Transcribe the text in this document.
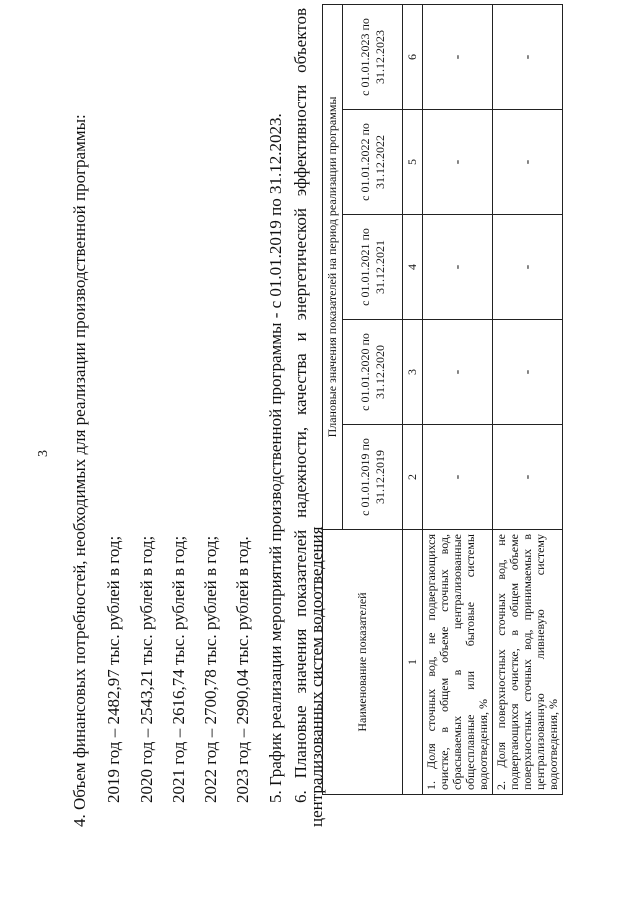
3 4. Объем финансовых потребностей, необходимых для реализации производственной программы: 2019 год – 2482,97 тыс. рублей в год; 2020 год – 2543,21 тыс. рублей в год; 2021 год – 2616,74 тыс. рублей в год; 2022 год – 2700,78 тыс. рублей в год; 2023 год – 2990,04 тыс. рублей в год. 5. График реализации мероприятий производственной программы - с 01.01.2019 по 31.12.2023. 6. Плановые значения показателей надежности, качества и энергетической эффективности объектов
централизованных систем водоотведения Наименование показателей	Плановые значения показателей на период реализации программы				
	с 01.01.2019 по 31.12.2019	с 01.01.2020 по 31.12.2020	с 01.01.2021 по 31.12.2021	с 01.01.2022 по 31.12.2022	с 01.01.2023 по 31.12.2023
1	2	3	4	5	6
1. Доля сточных вод, не подвергающихся очистке, в общем объеме сточных вод, сбрасываемых в централизованные общесплавные или бытовые системы водоотведения, %	-	-	-	-	-
2. Доля поверхностных сточных вод, не подвергающихся очистке, в общем объеме поверхностных сточных вод, принимаемых в централизованную ливневую систему водоотведения, %	-	-	-	-	-
